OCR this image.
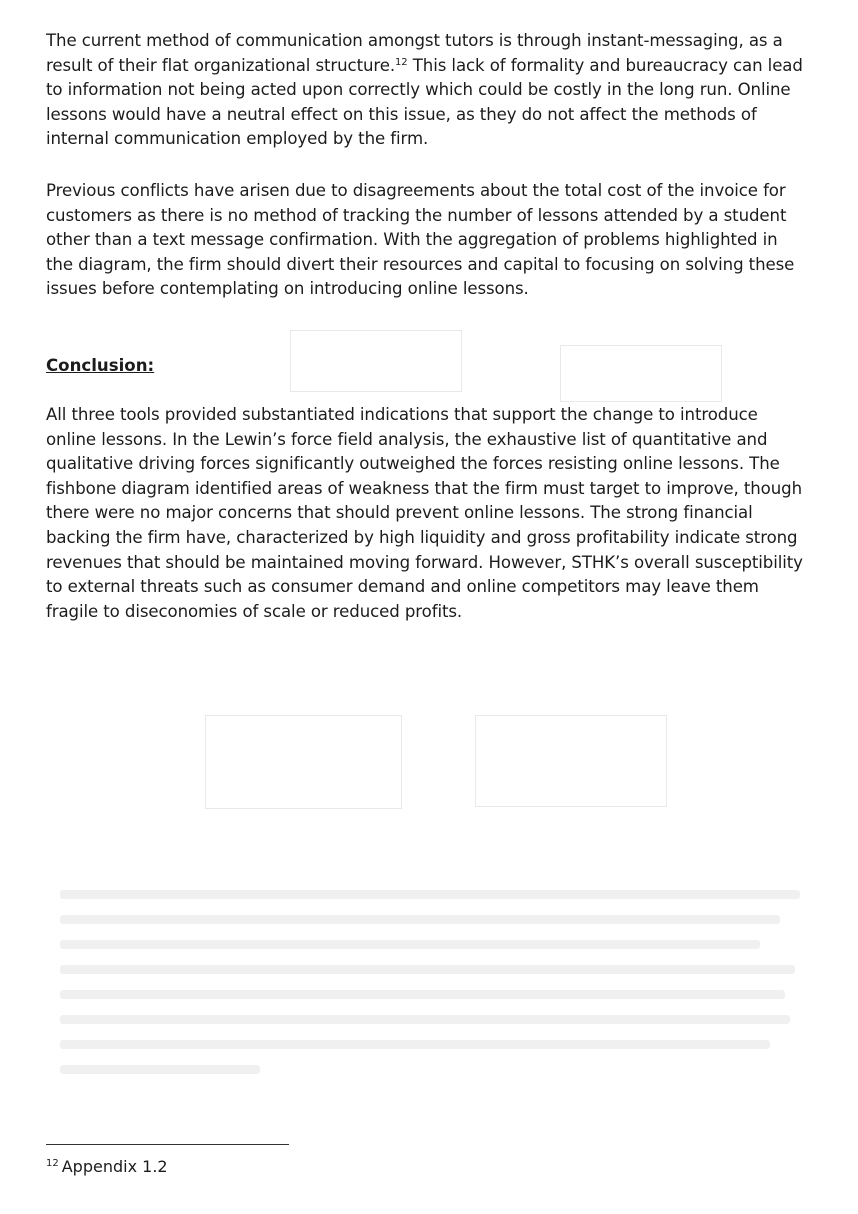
The current method of communication amongst tutors is through instant-messaging, as a
result of their flat organizational structure.$^{12}$ This lack of formality and bureaucracy can lead
to information not being acted upon correctly which could be costly in the long run. Online
lessons would have a neutral effect on this issue, as they do not affect the methods of
internal communication employed by the firm.

Previous conflicts have arisen due to disagreements about the total cost of the invoice for
customers as there is no method of tracking the number of lessons attended by a student
other than a text message confirmation. With the aggregation of problems highlighted in
the diagram, the firm should divert their resources and capital to focusing on solving these
issues before contemplating on introducing online lessons.

Conclusion:

All three tools provided substantiated indications that support the change to introduce
online lessons. In the Lewin’s force field analysis, the exhaustive list of quantitative and
qualitative driving forces significantly outweighed the forces resisting online lessons. The
fishbone diagram identified areas of weakness that the firm must target to improve, though
there were no major concerns that should prevent online lessons. The strong financial
backing the firm have, characterized by high liquidity and gross profitability indicate strong
revenues that should be maintained moving forward. However, STHK’s overall susceptibility
to external threats such as consumer demand and online competitors may leave them
fragile to diseconomies of scale or reduced profits.

$^{12}$ Appendix 1.2
